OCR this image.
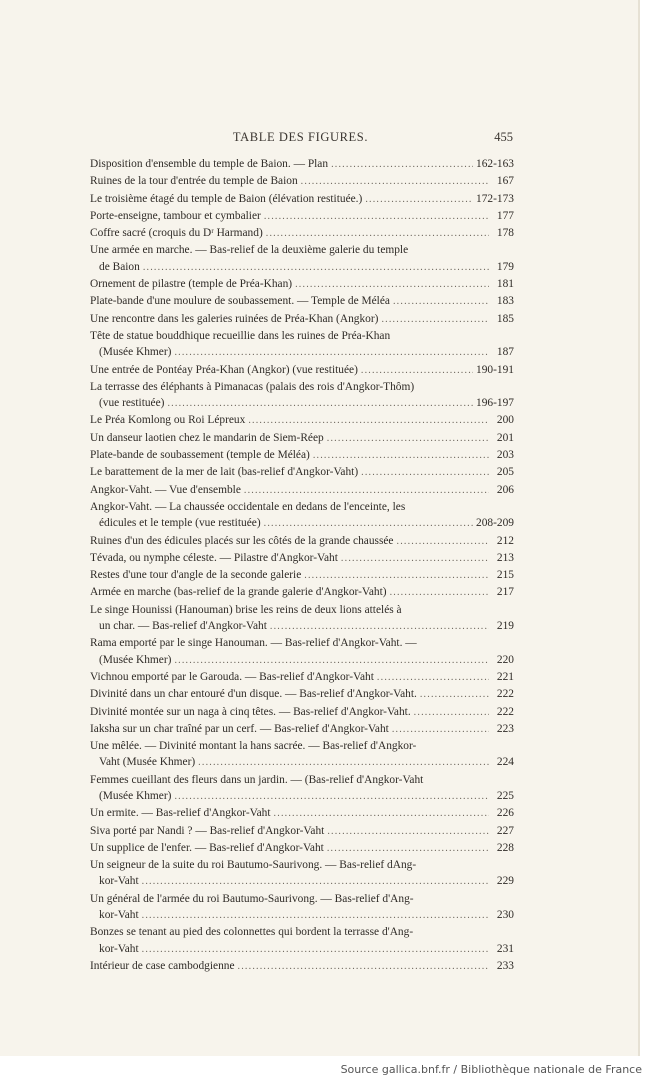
TABLE DES FIGURES.	455
Disposition d'ensemble du temple de Baion. — Plan .....	162-163
Ruines de la tour d'entrée du temple de Baion .....	167
Le troisième étagé du temple de Baion (élévation restituée.) .....	172-173
Porte-enseigne, tambour et cymbalier .....	177
Coffre sacré (croquis du Dʳ Harmand) .....	178
Une armée en marche. — Bas-relief de la deuxième galerie du temple
de Baion .....	179
Ornement de pilastre (temple de Préa-Khan) .....	181
Plate-bande d'une moulure de soubassement. — Temple de Méléa .....	183
Une rencontre dans les galeries ruinées de Préa-Khan (Angkor) .....	185
Tête de statue bouddhique recueillie dans les ruines de Préa-Khan
(Musée Khmer) .....	187
Une entrée de Pontéay Préa-Khan (Angkor) (vue restituée) .....	190-191
La terrasse des éléphants à Pimanacas (palais des rois d'Angkor-Thôm)
(vue restituée) .....	196-197
Le Préa Komlong ou Roi Lépreux .....	200
Un danseur laotien chez le mandarin de Siem-Réep .....	201
Plate-bande de soubassement (temple de Méléa) .....	203
Le barattement de la mer de lait (bas-relief d'Angkor-Vaht) .....	205
Angkor-Vaht. — Vue d'ensemble .....	206
Angkor-Vaht. — La chaussée occidentale en dedans de l'enceinte, les
édicules et le temple (vue restituée) .....	208-209
Ruines d'un des édicules placés sur les côtés de la grande chaussée .....	212
Tévada, ou nymphe céleste. — Pilastre d'Angkor-Vaht .....	213
Restes d'une tour d'angle de la seconde galerie .....	215
Armée en marche (bas-relief de la grande galerie d'Angkor-Vaht) .....	217
Le singe Hounissi (Hanouman) brise les reins de deux lions attelés à
un char. — Bas-relief d'Angkor-Vaht .....	219
Rama emporté par le singe Hanouman. — Bas-relief d'Angkor-Vaht. —
(Musée Khmer) .....	220
Vichnou emporté par le Garouda. — Bas-relief d'Angkor-Vaht .....	221
Divinité dans un char entouré d'un disque. — Bas-relief d'Angkor-Vaht. .....	222
Divinité montée sur un naga à cinq têtes. — Bas-relief d'Angkor-Vaht. .....	222
Iaksha sur un char traîné par un cerf. — Bas-relief d'Angkor-Vaht .....	223
Une mêlée. — Divinité montant la hans sacrée. — Bas-relief d'Angkor-
Vaht (Musée Khmer) .....	224
Femmes cueillant des fleurs dans un jardin. — (Bas-relief d'Angkor-Vaht
(Musée Khmer) .....	225
Un ermite. — Bas-relief d'Angkor-Vaht .....	226
Siva porté par Nandi ? — Bas-relief d'Angkor-Vaht .....	227
Un supplice de l'enfer. — Bas-relief d'Angkor-Vaht .....	228
Un seigneur de la suite du roi Bautumo-Saurivong. — Bas-relief dAng-
kor-Vaht .....	229
Un général de l'armée du roi Bautumo-Saurivong. — Bas-relief d'Ang-
kor-Vaht .....	230
Bonzes se tenant au pied des colonnettes qui bordent la terrasse d'Ang-
kor-Vaht .....	231
Intérieur de case cambodgienne .....	233
Source gallica.bnf.fr / Bibliothèque nationale de France
